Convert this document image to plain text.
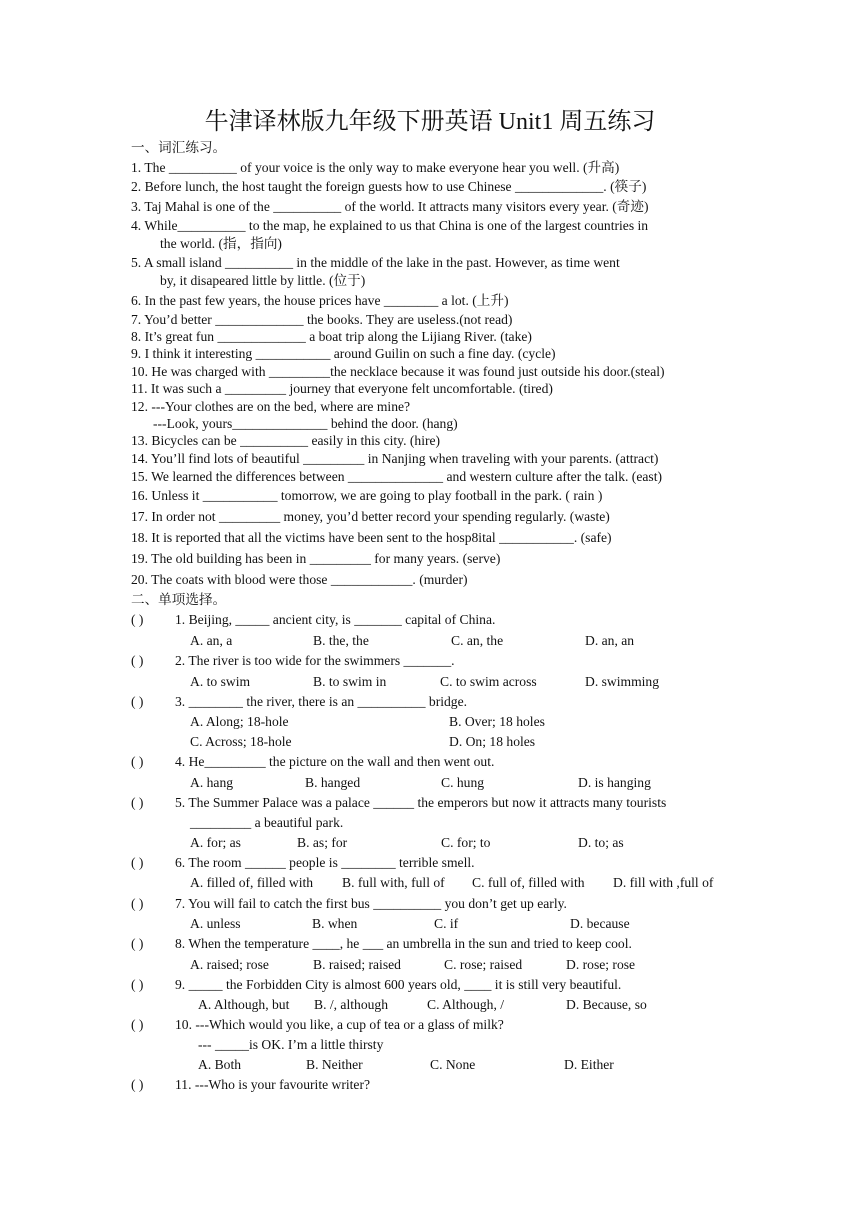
牛津译林版九年级下册英语 Unit1 周五练习
一、词汇练习。
1. The __________ of your voice is the only way to make everyone hear you well. (升高)
2. Before lunch, the host taught the foreign guests how to use Chinese _____________. (筷子)
3. Taj Mahal is one of the __________ of the world. It attracts many visitors every year. (奇迹)
4. While__________ to the map, he explained to us that China is one of the largest countries in
the world. (指，指向)
5. A small island __________ in the middle of the lake in the past. However, as time went
by, it disapeared little by little. (位于)
6. In the past few years, the house prices have ________ a lot. (上升)
7. You’d better _____________ the books. They are useless.(not read)
8. It’s great fun _____________ a boat trip along the Lijiang River. (take)
9. I think it interesting ___________ around Guilin on such a fine day. (cycle)
10. He was charged with _________the necklace because it was found just outside his door.(steal)
11. It was such a _________ journey that everyone felt uncomfortable. (tired)
12. ---Your clothes are on the bed, where are mine?
---Look, yours______________ behind the door. (hang)
13. Bicycles can be __________ easily in this city. (hire)
14. You’ll find lots of beautiful _________ in Nanjing when traveling with your parents. (attract)
15. We learned the differences between ______________ and western culture after the talk. (east)
16. Unless it ___________ tomorrow, we are going to play football in the park. ( rain )
17. In order not _________ money, you’d better record your spending regularly. (waste)
18. It is reported that all the victims have been sent to the hosp8ital ___________. (safe)
19. The old building has been in _________ for many years. (serve)
20. The coats with blood were those ____________. (murder)
二、单项选择。
( ) 1. Beijing, _____ ancient city, is _______ capital of China.
A. an, a	B. the, the	C. an, the	D. an, an
( ) 2. The river is too wide for the swimmers _______.
A. to swim	B. to swim in	C. to swim across	D. swimming
( ) 3. ________ the river, there is an __________ bridge.
A. Along; 18-hole	B. Over; 18 holes
C. Across; 18-hole	D. On; 18 holes
( ) 4. He_________ the picture on the wall and then went out.
A. hang	B. hanged	C. hung	D. is hanging
( ) 5. The Summer Palace was a palace ______ the emperors but now it attracts many tourists
_________ a beautiful park.
A. for; as	B. as; for	C. for; to	D. to; as
( ) 6. The room ______ people is ________ terrible smell.
A. filled of, filled with B. full with, full of C. full of, filled with D. fill with ,full of
( ) 7. You will fail to catch the first bus __________ you don’t get up early.
A. unless	B. when	C. if	D. because
( ) 8. When the temperature ____, he ___ an umbrella in the sun and tried to keep cool.
A. raised; rose	B. raised; raised	C. rose; raised	D. rose; rose
( ) 9. _____ the Forbidden City is almost 600 years old, ____ it is still very beautiful.
A. Although, but B. /, although	C. Although, /	D. Because, so
( ) 10. ---Which would you like, a cup of tea or a glass of milk?
--- _____is OK. I’m a little thirsty
A. Both	B. Neither	C. None	D. Either
( ) 11. ---Who is your favourite writer?
